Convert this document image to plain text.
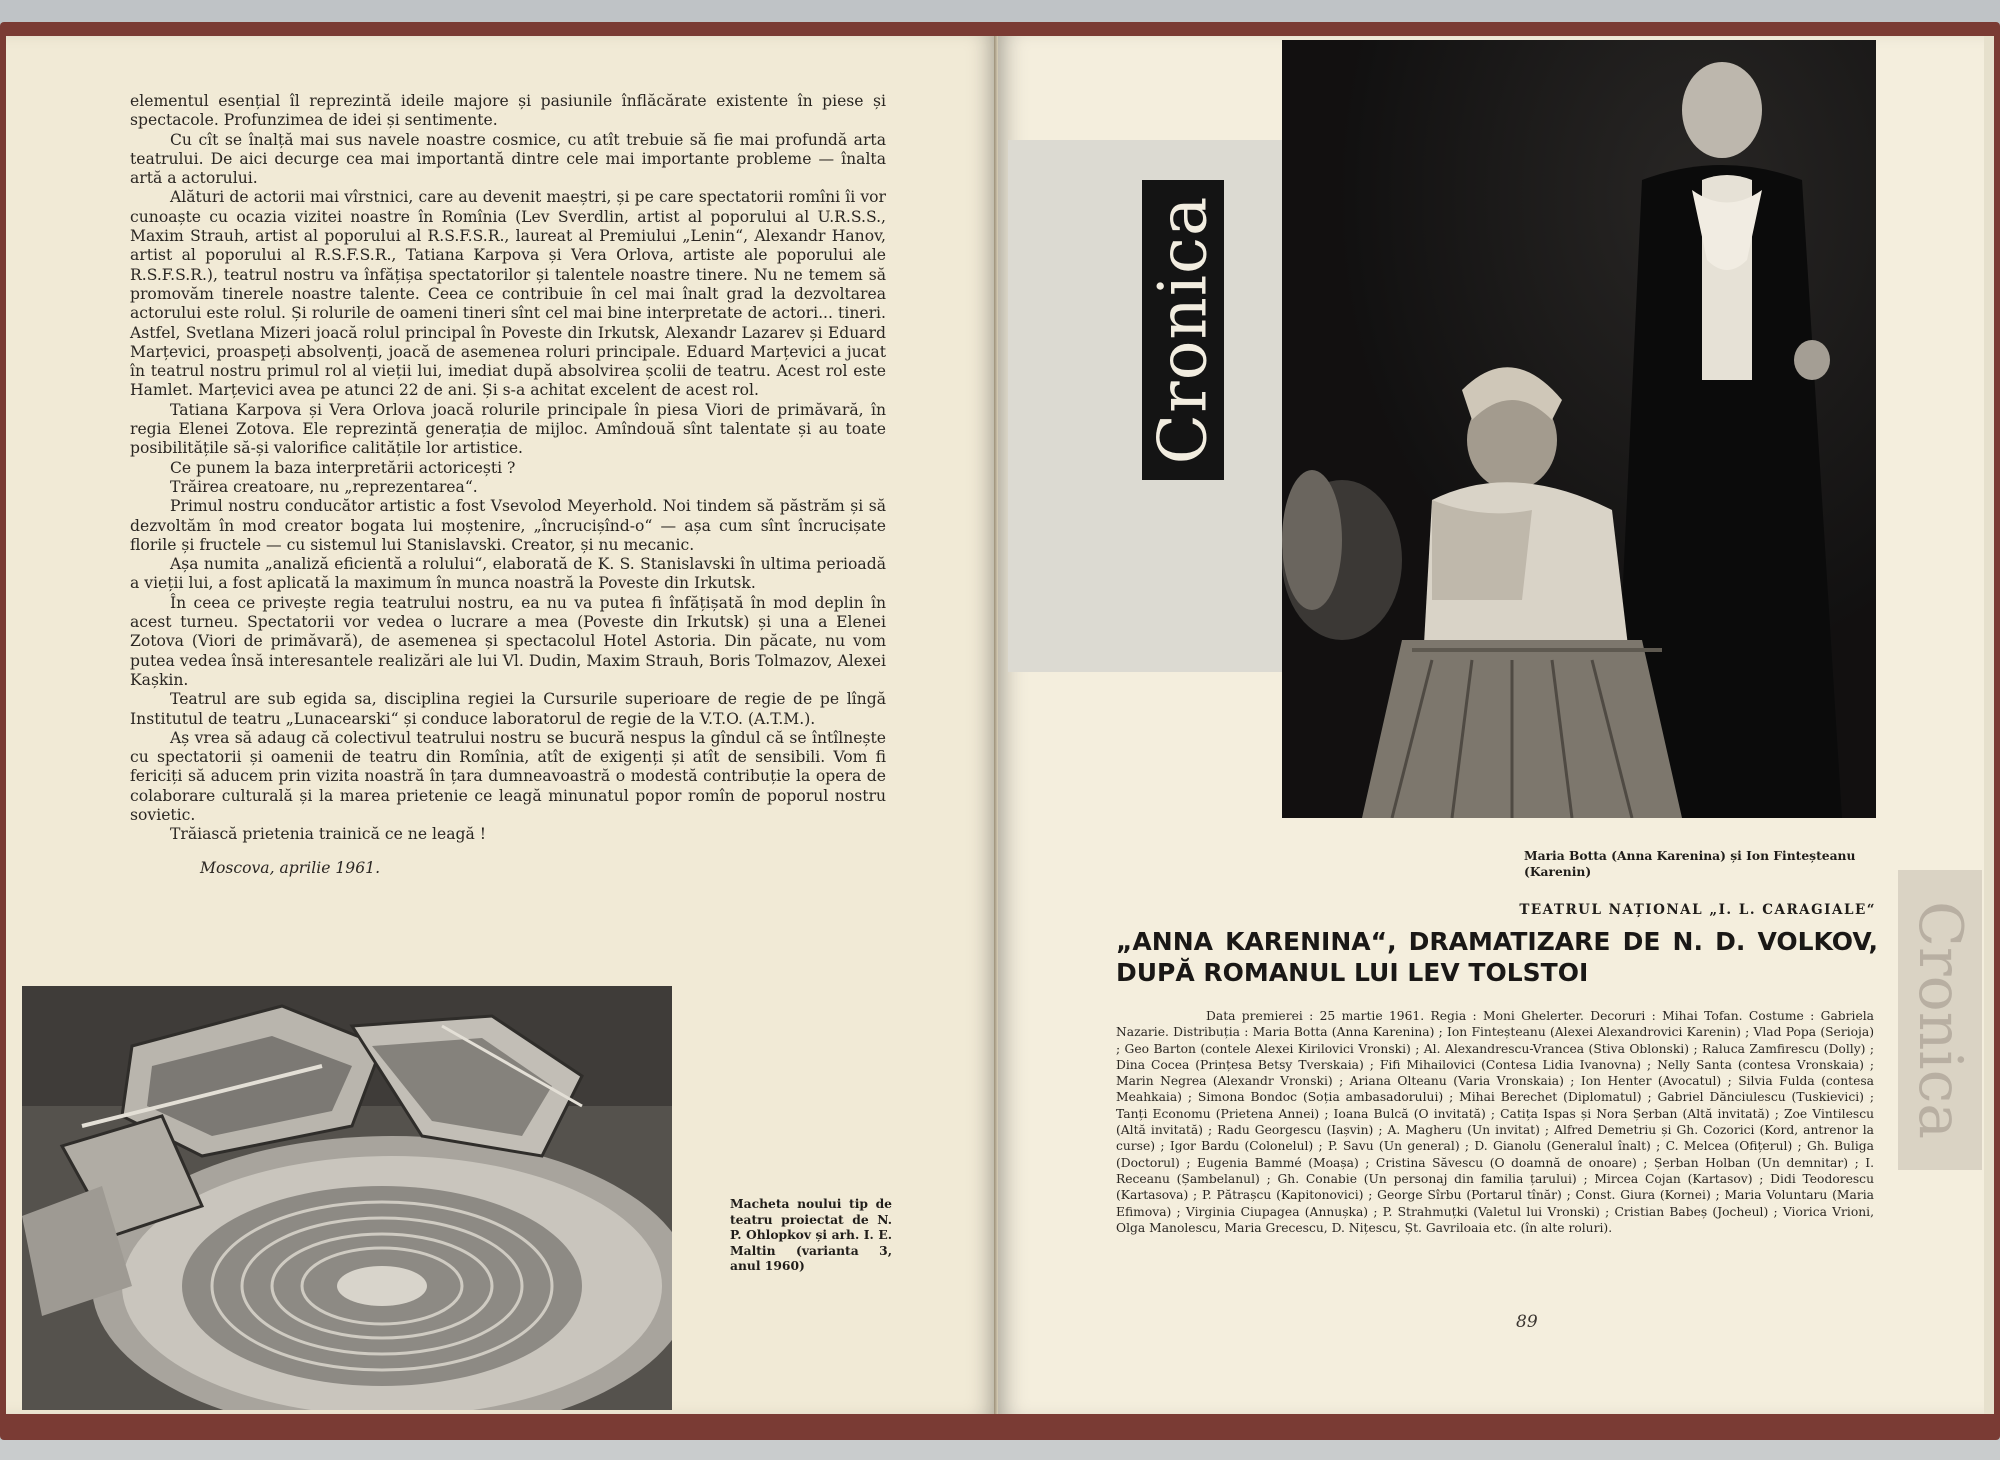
elementul esențial îl reprezintă ideile majore și pasiunile înflăcărate existente în piese și spectacole. Profunzimea de idei și sentimente.

Cu cît se înalță mai sus navele noastre cosmice, cu atît trebuie să fie mai profundă arta teatrului. De aici decurge cea mai importantă dintre cele mai importante probleme — înalta artă a actorului.

Alături de actorii mai vîrstnici, care au devenit maeștri, și pe care spectatorii romîni îi vor cunoaște cu ocazia vizitei noastre în Romînia (Lev Sverdlin, artist al poporului al U.R.S.S., Maxim Strauh, artist al poporului al R.S.F.S.R., laureat al Premiului „Lenin“, Alexandr Hanov, artist al poporului al R.S.F.S.R., Tatiana Karpova și Vera Orlova, artiste ale poporului ale R.S.F.S.R.), teatrul nostru va înfățișa spectatorilor și talentele noastre tinere. Nu ne temem să promovăm tinerele noastre talente. Ceea ce contribuie în cel mai înalt grad la dezvoltarea actorului este rolul. Și rolurile de oameni tineri sînt cel mai bine interpretate de actori... tineri. Astfel, Svetlana Mizeri joacă rolul principal în Poveste din Irkutsk, Alexandr Lazarev și Eduard Marțevici, proaspeți absolvenți, joacă de asemenea roluri principale. Eduard Marțevici a jucat în teatrul nostru primul rol al vieții lui, imediat după absolvirea școlii de teatru. Acest rol este Hamlet. Marțevici avea pe atunci 22 de ani. Și s-a achitat excelent de acest rol.

Tatiana Karpova și Vera Orlova joacă rolurile principale în piesa Viori de primăvară, în regia Elenei Zotova. Ele reprezintă generația de mijloc. Amîndouă sînt talentate și au toate posibilitățile să-și valorifice calitățile lor artistice.

Ce punem la baza interpretării actoricești ?

Trăirea creatoare, nu „reprezentarea“.

Primul nostru conducător artistic a fost Vsevolod Meyerhold. Noi tindem să păstrăm și să dezvoltăm în mod creator bogata lui moștenire, „încrucișînd-o“ — așa cum sînt încrucișate florile și fructele — cu sistemul lui Stanislavski. Creator, și nu mecanic.

Așa numita „analiză eficientă a rolului“, elaborată de K. S. Stanislavski în ultima perioadă a vieții lui, a fost aplicată la maximum în munca noastră la Poveste din Irkutsk.

În ceea ce privește regia teatrului nostru, ea nu va putea fi înfățișată în mod deplin în acest turneu. Spectatorii vor vedea o lucrare a mea (Poveste din Irkutsk) și una a Elenei Zotova (Viori de primăvară), de asemenea și spectacolul Hotel Astoria. Din păcate, nu vom putea vedea însă interesantele realizări ale lui Vl. Dudin, Maxim Strauh, Boris Tolmazov, Alexei Kașkin.

Teatrul are sub egida sa, disciplina regiei la Cursurile superioare de regie de pe lîngă Institutul de teatru „Lunacearski“ și conduce laboratorul de regie de la V.T.O. (A.T.M.).

Aș vrea să adaug că colectivul teatrului nostru se bucură nespus la gîndul că se întîlnește cu spectatorii și oamenii de teatru din Romînia, atît de exigenți și atît de sensibili. Vom fi fericiți să aducem prin vizita noastră în țara dumneavoastră o modestă contribuție la opera de colaborare culturală și la marea prietenie ce leagă minunatul popor romîn de poporul nostru sovietic.

Trăiască prietenia trainică ce ne leagă !

Moscova, aprilie 1961.

Macheta noului tip de teatru proiectat de N. P. Ohlopkov și arh. I. E. Maltin (varianta 3, anul 1960)
Cronica
Maria Botta (Anna Karenina) și Ion Finteșteanu (Karenin)
TEATRUL NAȚIONAL „I. L. CARAGIALE“
„ANNA KARENINA“, DRAMATIZARE DE N. D. VOLKOV, DUPĂ ROMANUL LUI LEV TOLSTOI
Data premierei : 25 martie 1961. Regia : Moni Ghelerter. Decoruri : Mihai Tofan. Costume : Gabriela Nazarie. Distribuția : Maria Botta (Anna Karenina) ; Ion Finteșteanu (Alexei Alexandrovici Karenin) ; Vlad Popa (Serioja) ; Geo Barton (contele Alexei Kirilovici Vronski) ; Al. Alexandrescu-Vrancea (Stiva Oblonski) ; Raluca Zamfirescu (Dolly) ; Dina Cocea (Prințesa Betsy Tverskaia) ; Fifi Mihailovici (Contesa Lidia Ivanovna) ; Nelly Santa (contesa Vronskaia) ; Marin Negrea (Alexandr Vronski) ; Ariana Olteanu (Varia Vronskaia) ; Ion Henter (Avocatul) ; Silvia Fulda (contesa Meahkaia) ; Simona Bondoc (Soția ambasadorului) ; Mihai Berechet (Diplomatul) ; Gabriel Dănciulescu (Tuskievici) ; Tanți Economu (Prietena Annei) ; Ioana Bulcă (O invitată) ; Catița Ispas și Nora Șerban (Altă invitată) ; Zoe Vintilescu (Altă invitată) ; Radu Georgescu (Iașvin) ; A. Magheru (Un invitat) ; Alfred Demetriu și Gh. Cozorici (Kord, antrenor la curse) ; Igor Bardu (Colonelul) ; P. Savu (Un general) ; D. Gianolu (Generalul înalt) ; C. Melcea (Ofițerul) ; Gh. Buliga (Doctorul) ; Eugenia Bammé (Moașa) ; Cristina Săvescu (O doamnă de onoare) ; Șerban Holban (Un demnitar) ; I. Receanu (Șambelanul) ; Gh. Conabie (Un personaj din familia țarului) ; Mircea Cojan (Kartasov) ; Didi Teodorescu (Kartasova) ; P. Pătrașcu (Kapitonovici) ; George Sîrbu (Portarul tînăr) ; Const. Giura (Kornei) ; Maria Voluntaru (Maria Efimova) ; Virginia Ciupagea (Annușka) ; P. Strahmuțki (Valetul lui Vronski) ; Cristian Babeș (Jocheul) ; Viorica Vrioni, Olga Manolescu, Maria Grecescu, D. Nițescu, Șt. Gavriloaia etc. (în alte roluri).
89
Cronica
